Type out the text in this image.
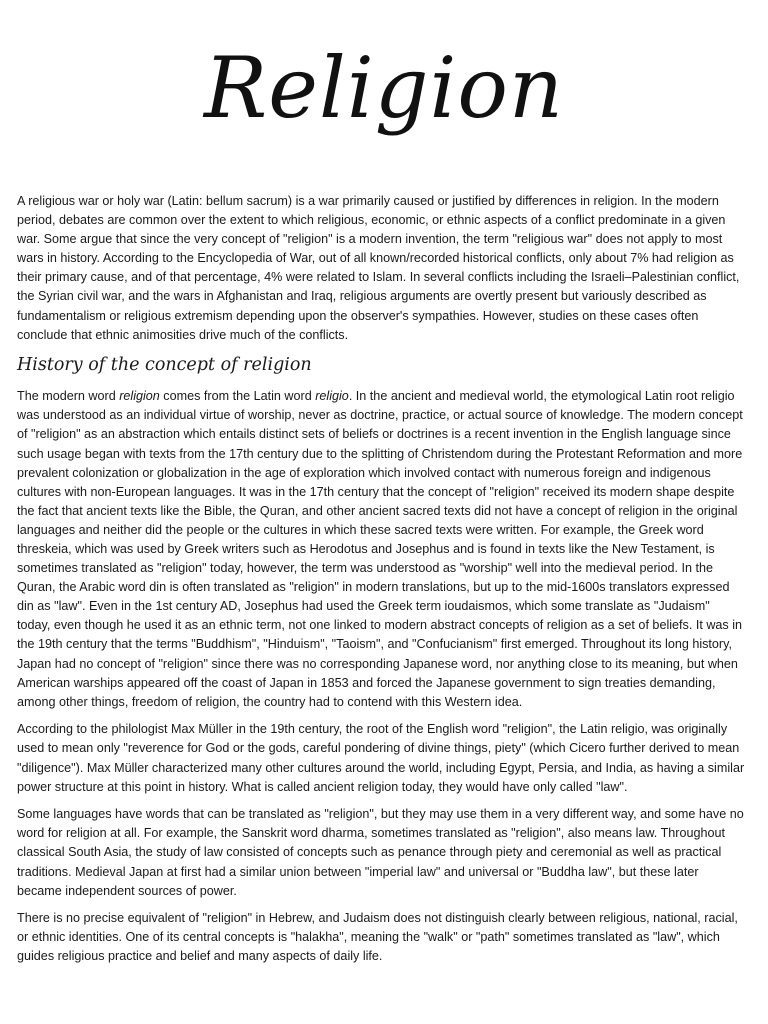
Religion

A religious war or holy war (Latin: bellum sacrum) is a war primarily caused or justified by differences in religion. In the modern period, debates are common over the extent to which religious, economic, or ethnic aspects of a conflict predominate in a given war. Some argue that since the very concept of "religion" is a modern invention, the term "religious war" does not apply to most wars in history. According to the Encyclopedia of War, out of all known/recorded historical conflicts, only about 7% had religion as their primary cause, and of that percentage, 4% were related to Islam. In several conflicts including the Israeli–Palestinian conflict, the Syrian civil war, and the wars in Afghanistan and Iraq, religious arguments are overtly present but variously described as fundamentalism or religious extremism depending upon the observer's sympathies. However, studies on these cases often conclude that ethnic animosities drive much of the conflicts.

History of the concept of religion

The modern word religion comes from the Latin word religio. In the ancient and medieval world, the etymological Latin root religio was understood as an individual virtue of worship, never as doctrine, practice, or actual source of knowledge. The modern concept of "religion" as an abstraction which entails distinct sets of beliefs or doctrines is a recent invention in the English language since such usage began with texts from the 17th century due to the splitting of Christendom during the Protestant Reformation and more prevalent colonization or globalization in the age of exploration which involved contact with numerous foreign and indigenous cultures with non-European languages. It was in the 17th century that the concept of "religion" received its modern shape despite the fact that ancient texts like the Bible, the Quran, and other ancient sacred texts did not have a concept of religion in the original languages and neither did the people or the cultures in which these sacred texts were written. For example, the Greek word threskeia, which was used by Greek writers such as Herodotus and Josephus and is found in texts like the New Testament, is sometimes translated as "religion" today, however, the term was understood as "worship" well into the medieval period. In the Quran, the Arabic word din is often translated as "religion" in modern translations, but up to the mid-1600s translators expressed din as "law". Even in the 1st century AD, Josephus had used the Greek term ioudaismos, which some translate as "Judaism" today, even though he used it as an ethnic term, not one linked to modern abstract concepts of religion as a set of beliefs. It was in the 19th century that the terms "Buddhism", "Hinduism", "Taoism", and "Confucianism" first emerged. Throughout its long history, Japan had no concept of "religion" since there was no corresponding Japanese word, nor anything close to its meaning, but when American warships appeared off the coast of Japan in 1853 and forced the Japanese government to sign treaties demanding, among other things, freedom of religion, the country had to contend with this Western idea.

According to the philologist Max Müller in the 19th century, the root of the English word "religion", the Latin religio, was originally used to mean only "reverence for God or the gods, careful pondering of divine things, piety" (which Cicero further derived to mean "diligence"). Max Müller characterized many other cultures around the world, including Egypt, Persia, and India, as having a similar power structure at this point in history. What is called ancient religion today, they would have only called "law".

Some languages have words that can be translated as "religion", but they may use them in a very different way, and some have no word for religion at all. For example, the Sanskrit word dharma, sometimes translated as "religion", also means law. Throughout classical South Asia, the study of law consisted of concepts such as penance through piety and ceremonial as well as practical traditions. Medieval Japan at first had a similar union between "imperial law" and universal or "Buddha law", but these later became independent sources of power.

There is no precise equivalent of "religion" in Hebrew, and Judaism does not distinguish clearly between religious, national, racial, or ethnic identities. One of its central concepts is "halakha", meaning the "walk" or "path" sometimes translated as "law", which guides religious practice and belief and many aspects of daily life.
